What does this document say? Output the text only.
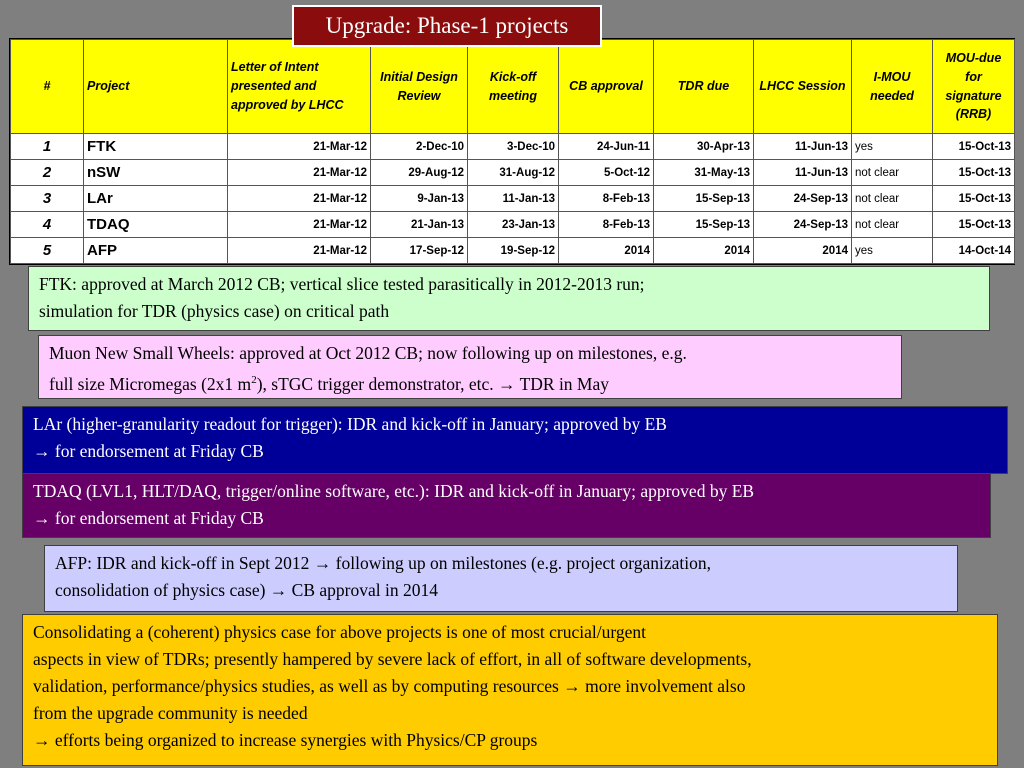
Upgrade: Phase-1 projects
#	Project	Letter of Intent presented and approved by LHCC	Initial Design Review	Kick-off meeting	CB approval	TDR due	LHCC Session	I-MOU needed	MOU-due for signature (RRB)
1	FTK	21-Mar-12	2-Dec-10	3-Dec-10	24-Jun-11	30-Apr-13	11-Jun-13	yes	15-Oct-13
2	nSW	21-Mar-12	29-Aug-12	31-Aug-12	5-Oct-12	31-May-13	11-Jun-13	not clear	15-Oct-13
3	LAr	21-Mar-12	9-Jan-13	11-Jan-13	8-Feb-13	15-Sep-13	24-Sep-13	not clear	15-Oct-13
4	TDAQ	21-Mar-12	21-Jan-13	23-Jan-13	8-Feb-13	15-Sep-13	24-Sep-13	not clear	15-Oct-13
5	AFP	21-Mar-12	17-Sep-12	19-Sep-12	2014	2014	2014	yes	14-Oct-14

FTK: approved at March 2012 CB; vertical slice tested parasitically in 2012-2013 run;

simulation for TDR (physics case) on critical path

Muon New Small Wheels: approved at Oct 2012 CB; now following up on milestones, e.g.

full size Micromegas (2x1 $m^2$), sTGC trigger demonstrator, etc. → TDR in May

LAr (higher-granularity readout for trigger): IDR and kick-off in January; approved by EB

→ for endorsement at Friday CB

TDAQ (LVL1, HLT/DAQ, trigger/online software, etc.): IDR and kick-off in January; approved by EB

→ for endorsement at Friday CB

AFP: IDR and kick-off in Sept 2012 → following up on milestones (e.g. project organization,

consolidation of physics case) → CB approval in 2014

Consolidating a (coherent) physics case for above projects is one of most crucial/urgent

aspects in view of TDRs; presently hampered by severe lack of effort, in all of software developments,

validation, performance/physics studies, as well as by computing resources → more involvement also

from the upgrade community is needed

→ efforts being organized to increase synergies with Physics/CP groups
